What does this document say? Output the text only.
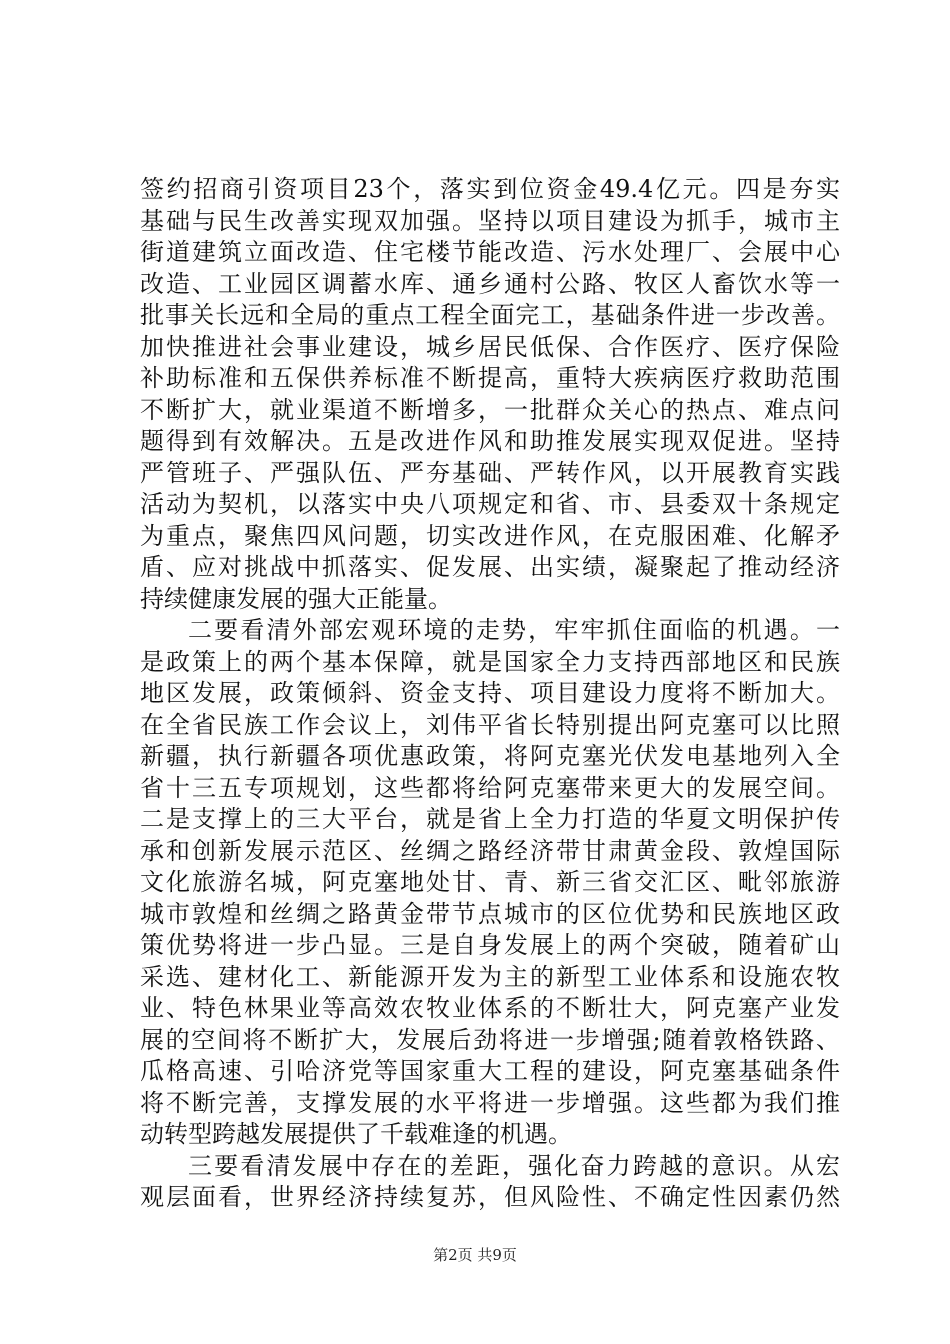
签约招商引资项目23个，落实到位资金49.4亿元。四是夯实
基础与民生改善实现双加强。坚持以项目建设为抓手，城市主
街道建筑立面改造、住宅楼节能改造、污水处理厂、会展中心
改造、工业园区调蓄水库、通乡通村公路、牧区人畜饮水等一
批事关长远和全局的重点工程全面完工，基础条件进一步改善。
加快推进社会事业建设，城乡居民低保、合作医疗、医疗保险
补助标准和五保供养标准不断提高，重特大疾病医疗救助范围
不断扩大，就业渠道不断增多，一批群众关心的热点、难点问
题得到有效解决。五是改进作风和助推发展实现双促进。坚持
严管班子、严强队伍、严夯基础、严转作风，以开展教育实践
活动为契机，以落实中央八项规定和省、市、县委双十条规定
为重点，聚焦四风问题，切实改进作风，在克服困难、化解矛
盾、应对挑战中抓落实、促发展、出实绩，凝聚起了推动经济
持续健康发展的强大正能量。
二要看清外部宏观环境的走势，牢牢抓住面临的机遇。一
是政策上的两个基本保障，就是国家全力支持西部地区和民族
地区发展，政策倾斜、资金支持、项目建设力度将不断加大。
在全省民族工作会议上，刘伟平省长特别提出阿克塞可以比照
新疆，执行新疆各项优惠政策，将阿克塞光伏发电基地列入全
省十三五专项规划，这些都将给阿克塞带来更大的发展空间。
二是支撑上的三大平台，就是省上全力打造的华夏文明保护传
承和创新发展示范区、丝绸之路经济带甘肃黄金段、敦煌国际
文化旅游名城，阿克塞地处甘、青、新三省交汇区、毗邻旅游
城市敦煌和丝绸之路黄金带节点城市的区位优势和民族地区政
策优势将进一步凸显。三是自身发展上的两个突破，随着矿山
采选、建材化工、新能源开发为主的新型工业体系和设施农牧
业、特色林果业等高效农牧业体系的不断壮大，阿克塞产业发
展的空间将不断扩大，发展后劲将进一步增强;随着敦格铁路、
瓜格高速、引哈济党等国家重大工程的建设，阿克塞基础条件
将不断完善，支撑发展的水平将进一步增强。这些都为我们推
动转型跨越发展提供了千载难逢的机遇。
三要看清发展中存在的差距，强化奋力跨越的意识。从宏
观层面看，世界经济持续复苏，但风险性、不确定性因素仍然
第2页 共9页
